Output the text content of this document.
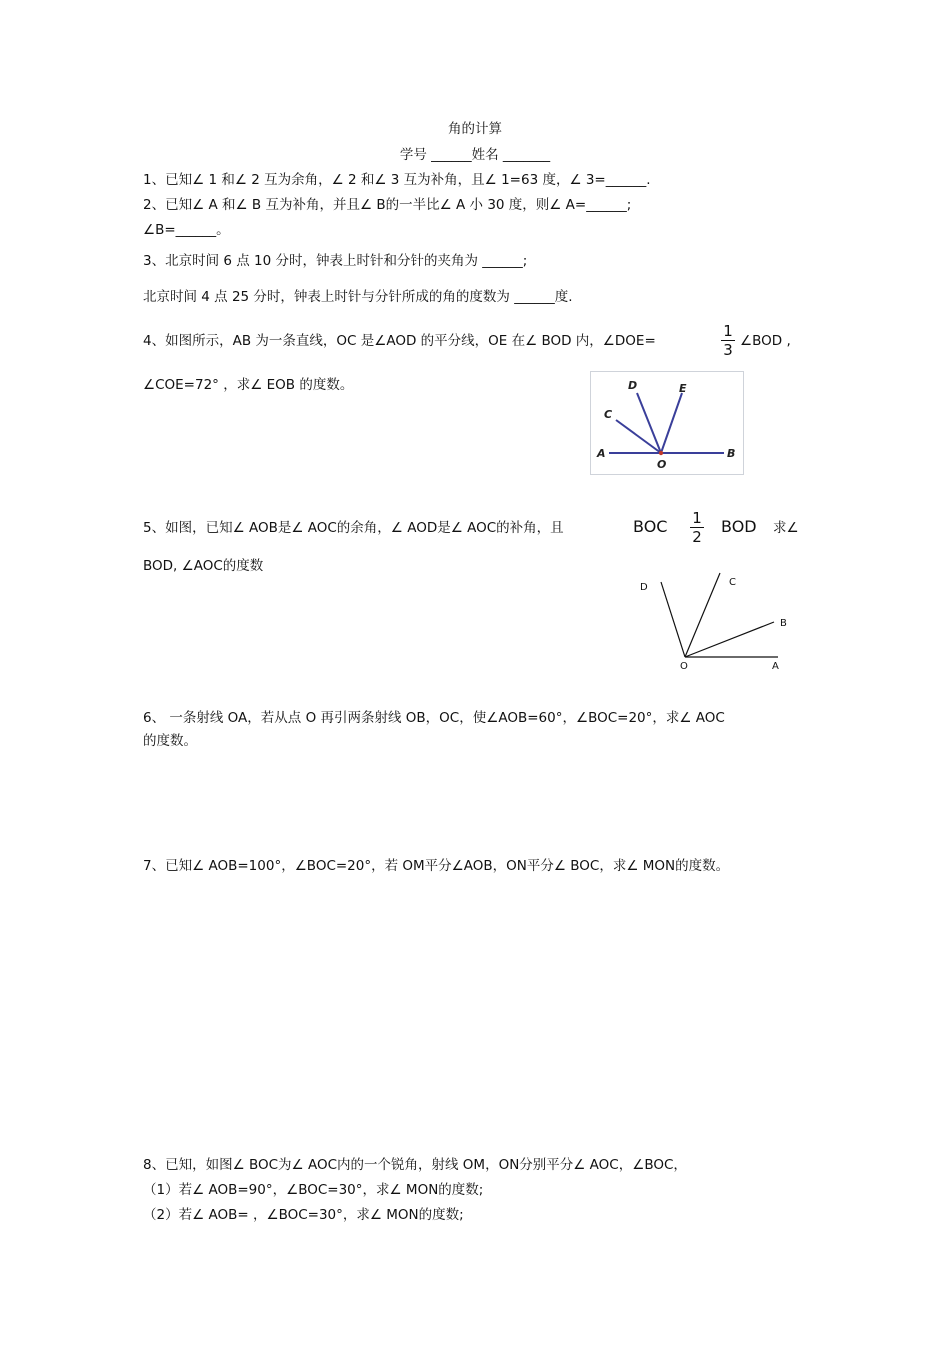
角的计算
学号 ______姓名 _______
1、已知∠ 1 和∠ 2 互为余角，∠ 2 和∠ 3 互为补角，且∠ 1=63 度，∠ 3=______.
2、已知∠ A 和∠ B 互为补角，并且∠ B的一半比∠ A 小 30 度，则∠ A=______;
∠B=______。
3、北京时间 6 点 10 分时，钟表上时针和分针的夹角为 ______;
北京时间 4 点 25 分时，钟表上时针与分针所成的角的度数为 ______度.
4、如图所示，AB 为一条直线，OC 是∠AOD 的平分线，OE 在∠ BOD 内，∠DOE=
1
3 ∠BOD ,
∠COE=72° ，求∠ EOB 的度数。
A	B
C
D	E
O
5、如图，已知∠ AOB是∠ AOC的余角，∠ AOD是∠ AOC的补角，且	BOC 1
2
BOD 求∠
BOD, ∠AOC的度数
O	A
B
C
D
6、 一条射线 OA，若从点 O 再引两条射线 OB，OC，使∠AOB=60°，∠BOC=20°，求∠ AOC
的度数。
7、已知∠ AOB=100°，∠BOC=20°，若 OM平分∠AOB，ON平分∠ BOC，求∠ MON的度数。
8、已知，如图∠ BOC为∠ AOC内的一个锐角，射线 OM，ON分别平分∠ AOC，∠BOC，
（1）若∠ AOB=90°，∠BOC=30°，求∠ MON的度数;
（2）若∠ AOB= ，∠BOC=30°，求∠ MON的度数;
